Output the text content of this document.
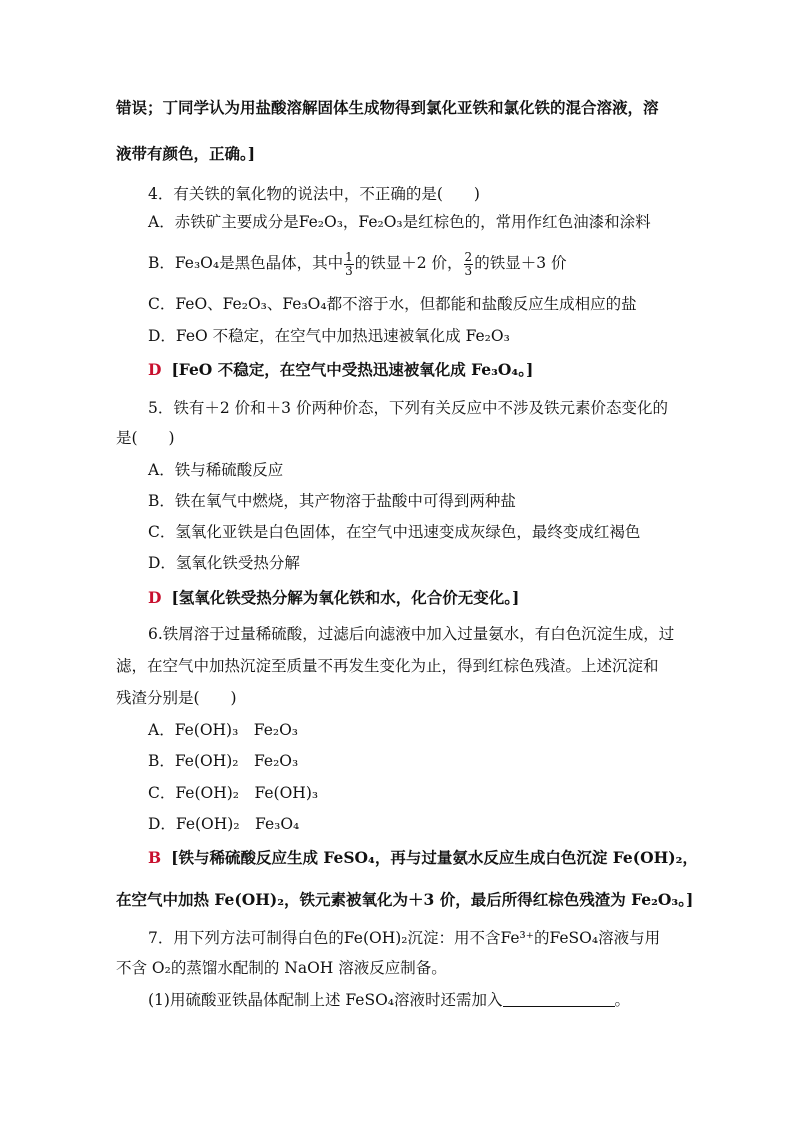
错误；丁同学认为用盐酸溶解固体生成物得到氯化亚铁和氯化铁的混合溶液，溶
液带有颜色，正确。]
4．有关铁的氧化物的说法中，不正确的是(　　)
A．赤铁矿主要成分是Fe₂O₃，Fe₂O₃是红棕色的，常用作红色油漆和涂料
B．Fe₃O₄是黑色晶体，其中 $\frac{1}{3}$ 的铁显＋2 价， $\frac{2}{3}$ 的铁显＋3 价
C．FeO、Fe₂O₃、Fe₃O₄都不溶于水，但都能和盐酸反应生成相应的盐
D．FeO 不稳定，在空气中加热迅速被氧化成 Fe₂O₃
D [FeO 不稳定，在空气中受热迅速被氧化成 Fe₃O₄。]
5．铁有＋2 价和＋3 价两种价态，下列有关反应中不涉及铁元素价态变化的
是(　　)
A．铁与稀硫酸反应
B．铁在氧气中燃烧，其产物溶于盐酸中可得到两种盐
C．氢氧化亚铁是白色固体，在空气中迅速变成灰绿色，最终变成红褐色
D．氢氧化铁受热分解
D [氢氧化铁受热分解为氧化铁和水，化合价无变化。]
6.铁屑溶于过量稀硫酸，过滤后向滤液中加入过量氨水，有白色沉淀生成，过
滤，在空气中加热沉淀至质量不再发生变化为止，得到红棕色残渣。上述沉淀和
残渣分别是(　　)
A．Fe(OH)₃　Fe₂O₃
B．Fe(OH)₂　Fe₂O₃
C．Fe(OH)₂　Fe(OH)₃
D．Fe(OH)₂　Fe₃O₄
B [铁与稀硫酸反应生成 FeSO₄，再与过量氨水反应生成白色沉淀 Fe(OH)₂，
在空气中加热 Fe(OH)₂，铁元素被氧化为＋3 价，最后所得红棕色残渣为 Fe₂O₃。]
7．用下列方法可制得白色的Fe(OH)₂沉淀：用不含Fe³⁺的FeSO₄溶液与用
不含 O₂的蒸馏水配制的 NaOH 溶液反应制备。
(1)用硫酸亚铁晶体配制上述 FeSO₄溶液时还需加入	。
